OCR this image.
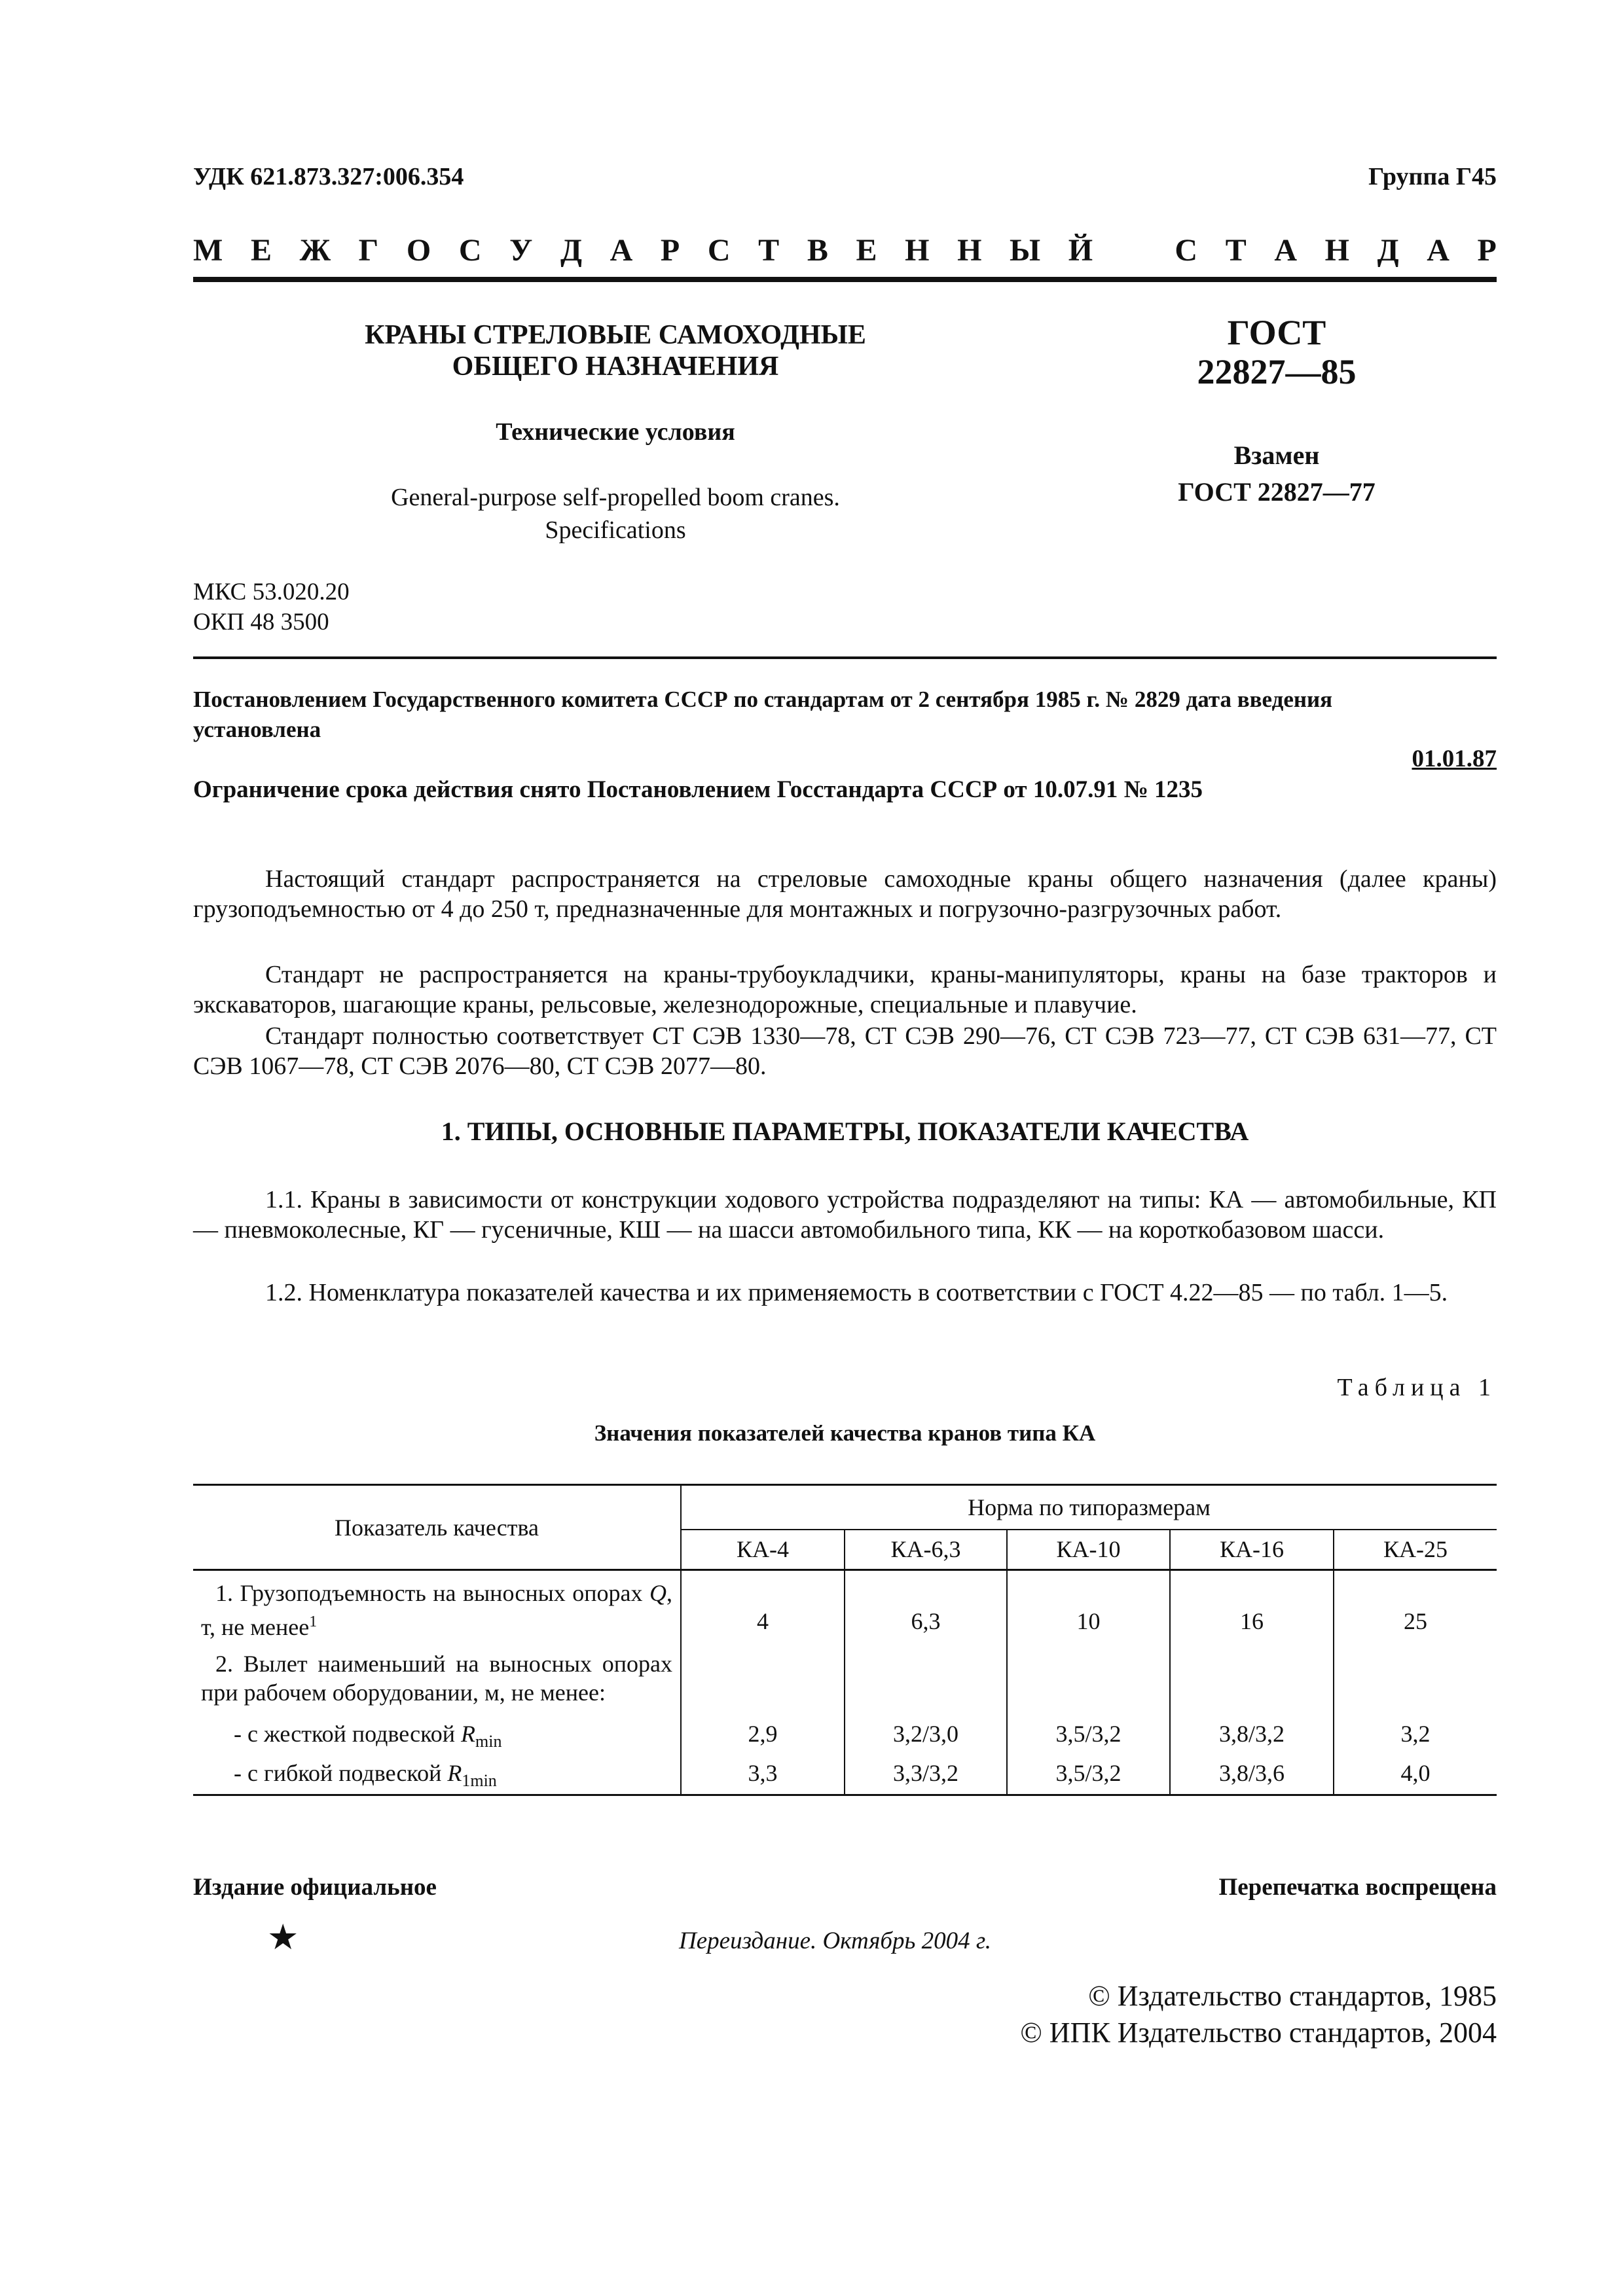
УДК 621.873.327:006.354	Группа Г45
М Е Ж Г О С У Д А Р С Т В Е Н Н Ы Й	С Т А Н Д А Р
КРАНЫ СТРЕЛОВЫЕ САМОХОДНЫЕ
ОБЩЕГО НАЗНАЧЕНИЯ
Технические условия
General-purpose self-propelled boom cranes.
Specifications
ГОСТ
22827—85
Взамен
ГОСТ 22827—77
МКС 53.020.20
ОКП 48 3500
Постановлением Государственного комитета СССР по стандартам от 2 сентября 1985 г. № 2829 дата введения
установлена
01.01.87
Ограничение срока действия снято Постановлением Госстандарта СССР от 10.07.91 № 1235
Настоящий стандарт распространяется на стреловые самоходные краны общего назначения (далее краны) грузоподъемностью от 4 до 250 т, предназначенные для монтажных и погрузочно-разгрузочных работ.
Стандарт не распространяется на краны-трубоукладчики, краны-манипуляторы, краны на базе тракторов и экскаваторов, шагающие краны, рельсовые, железнодорожные, специальные и плавучие.
Стандарт полностью соответствует СТ СЭВ 1330—78, СТ СЭВ 290—76, СТ СЭВ 723—77, СТ СЭВ 631—77, СТ СЭВ 1067—78, СТ СЭВ 2076—80, СТ СЭВ 2077—80.
1. ТИПЫ, ОСНОВНЫЕ ПАРАМЕТРЫ, ПОКАЗАТЕЛИ КАЧЕСТВА
1.1. Краны в зависимости от конструкции ходового устройства подразделяют на типы: КА — автомобильные, КП — пневмоколесные, КГ — гусеничные, КШ — на шасси автомобильного типа, КК — на короткобазовом шасси.
1.2. Номенклатура показателей качества и их применяемость в соответствии с ГОСТ 4.22—85 — по табл. 1—5.
Таблица 1
Значения показателей качества кранов типа КА
Показатель качества	Норма по типоразмерам				
	КА-4	КА-6,3	КА-10	КА-16	КА-25
1. Грузоподъемность на выносных опорах Q, т, не менее$^1$	4	6,3	10	16	25
2. Вылет наименьший на выносных опорах при рабочем оборудовании, м, не менее:					
- с жесткой подвеской $R_{min}$	2,9	3,2/3,0	3,5/3,2	3,8/3,2	3,2
- с гибкой подвеской $R_{1min}$	3,3	3,3/3,2	3,5/3,2	3,8/3,6	4,0
Издание официальное	Перепечатка воспрещена
★	Переиздание. Октябрь 2004 г.
© Издательство стандартов, 1985
© ИПК Издательство стандартов, 2004
